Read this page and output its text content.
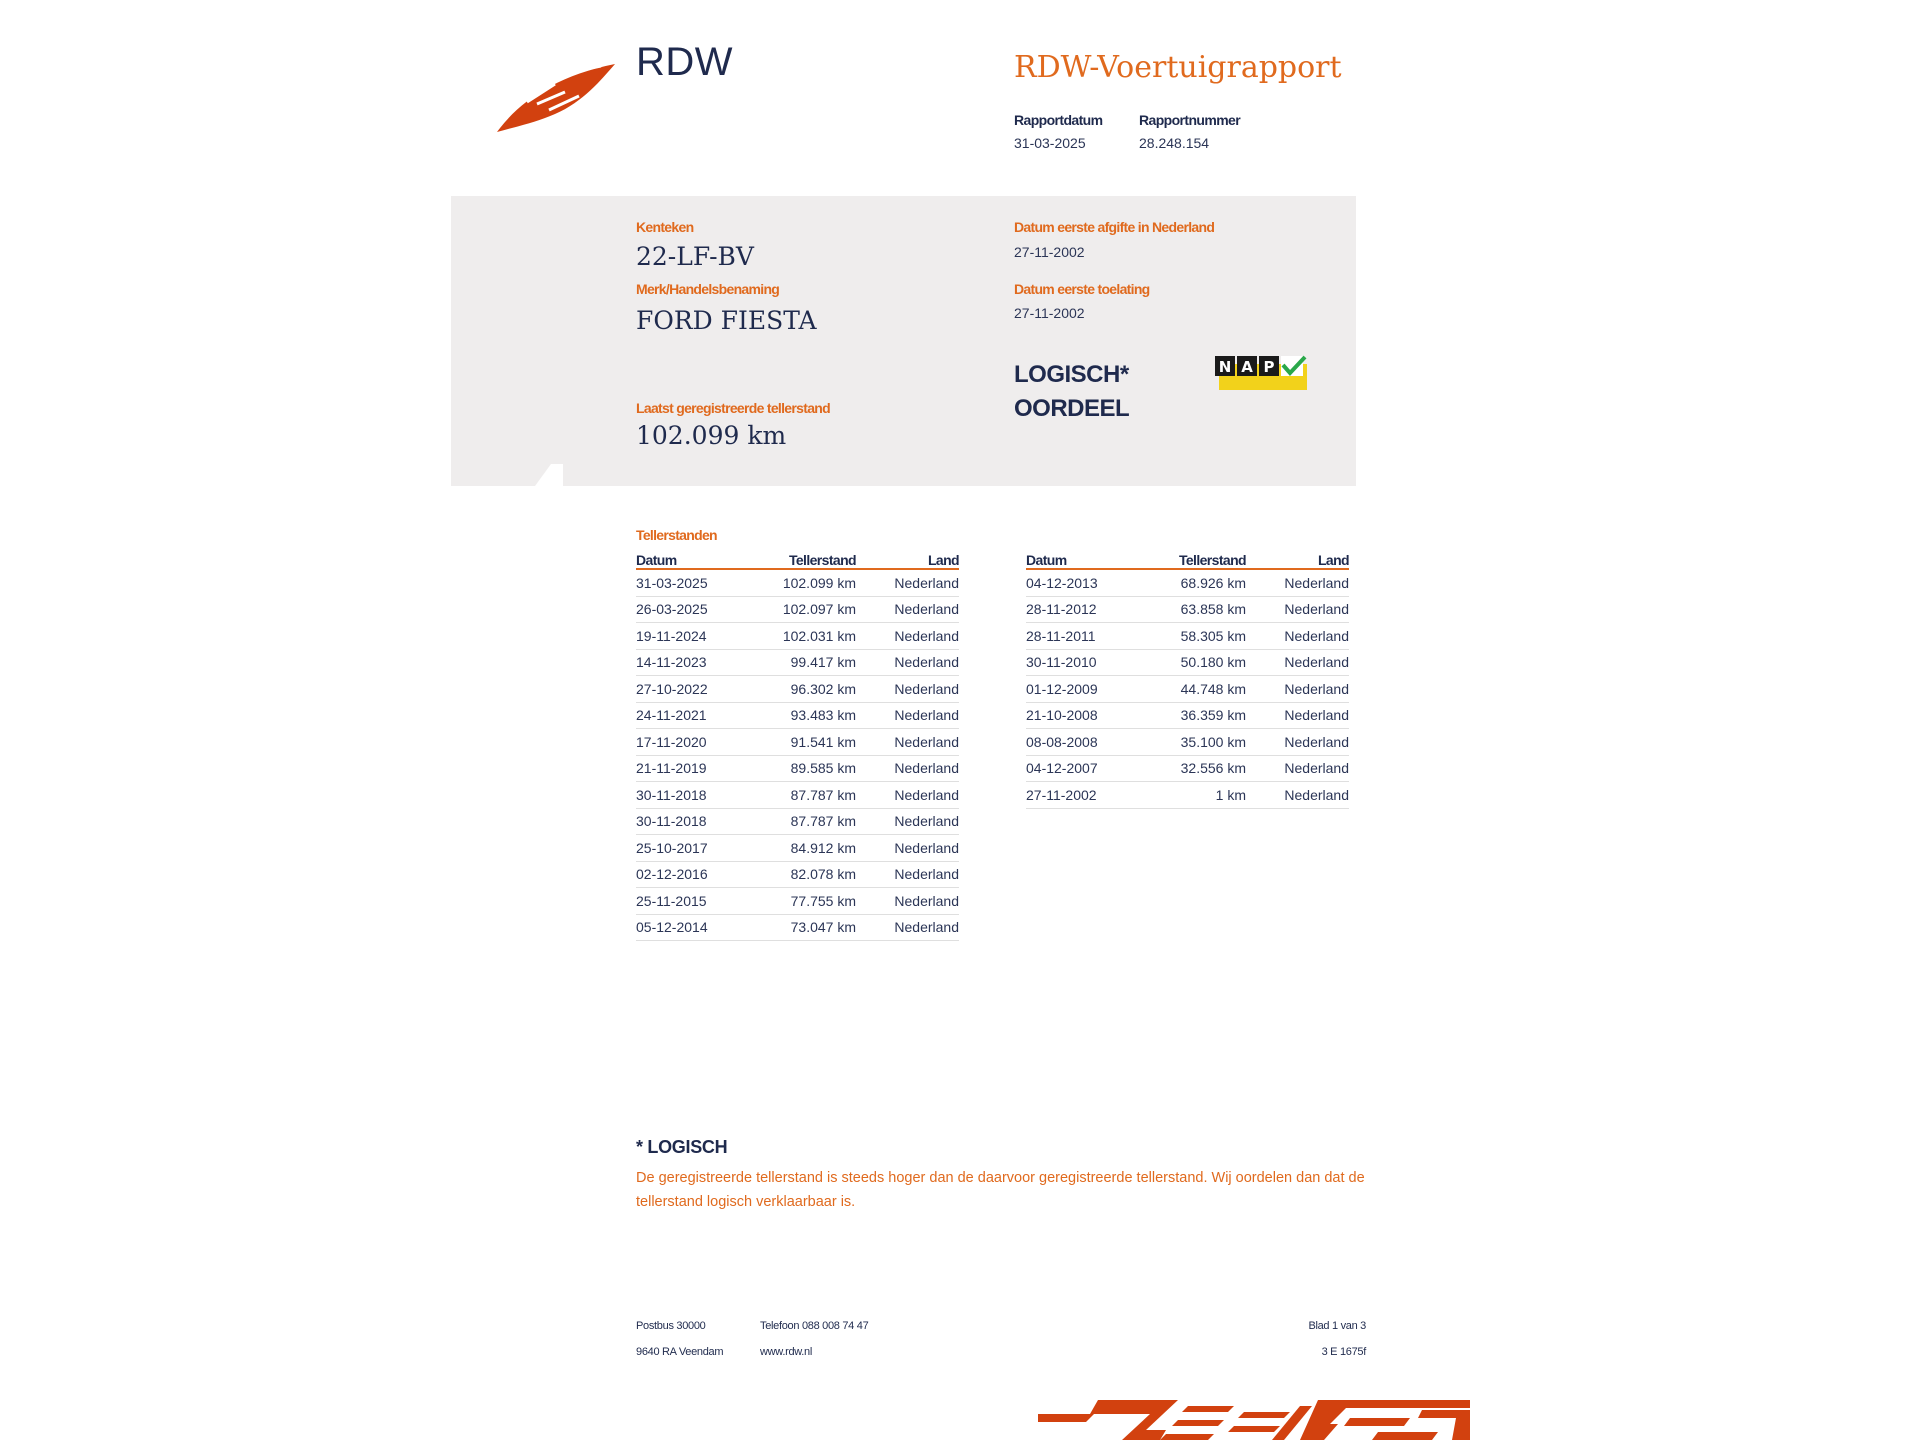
RDW	RDW-Voertuigrapport
Rapportdatum
31-03-2025
Rapportnummer
28.248.154
Kenteken
22-LF-BV
Merk/Handelsbenaming
FORD FIESTA
Laatst geregistreerde tellerstand
102.099 km
Datum eerste afgifte in Nederland
27-11-2002
Datum eerste toelating
27-11-2002
LOGISCH*
OORDEEL
N A P
Tellerstanden
Datum	Tellerstand	Land
31-03-2025	102.099 km	Nederland
26-03-2025	102.097 km	Nederland
19-11-2024	102.031 km	Nederland
14-11-2023	99.417 km	Nederland
27-10-2022	96.302 km	Nederland
24-11-2021	93.483 km	Nederland
17-11-2020	91.541 km	Nederland
21-11-2019	89.585 km	Nederland
30-11-2018	87.787 km	Nederland
30-11-2018	87.787 km	Nederland
25-10-2017	84.912 km	Nederland
02-12-2016	82.078 km	Nederland
25-11-2015	77.755 km	Nederland
05-12-2014	73.047 km	Nederland
Datum	Tellerstand	Land
04-12-2013	68.926 km	Nederland
28-11-2012	63.858 km	Nederland
28-11-2011	58.305 km	Nederland
30-11-2010	50.180 km	Nederland
01-12-2009	44.748 km	Nederland
21-10-2008	36.359 km	Nederland
08-08-2008	35.100 km	Nederland
04-12-2007	32.556 km	Nederland
27-11-2002	1 km	Nederland
* LOGISCH
De geregistreerde tellerstand is steeds hoger dan de daarvoor geregistreerde tellerstand. Wij oordelen dan dat de tellerstand logisch verklaarbaar is.
Postbus 30000
9640 RA Veendam
Telefoon 088 008 74 47
www.rdw.nl
Blad 1 van 3
3 E 1675f
